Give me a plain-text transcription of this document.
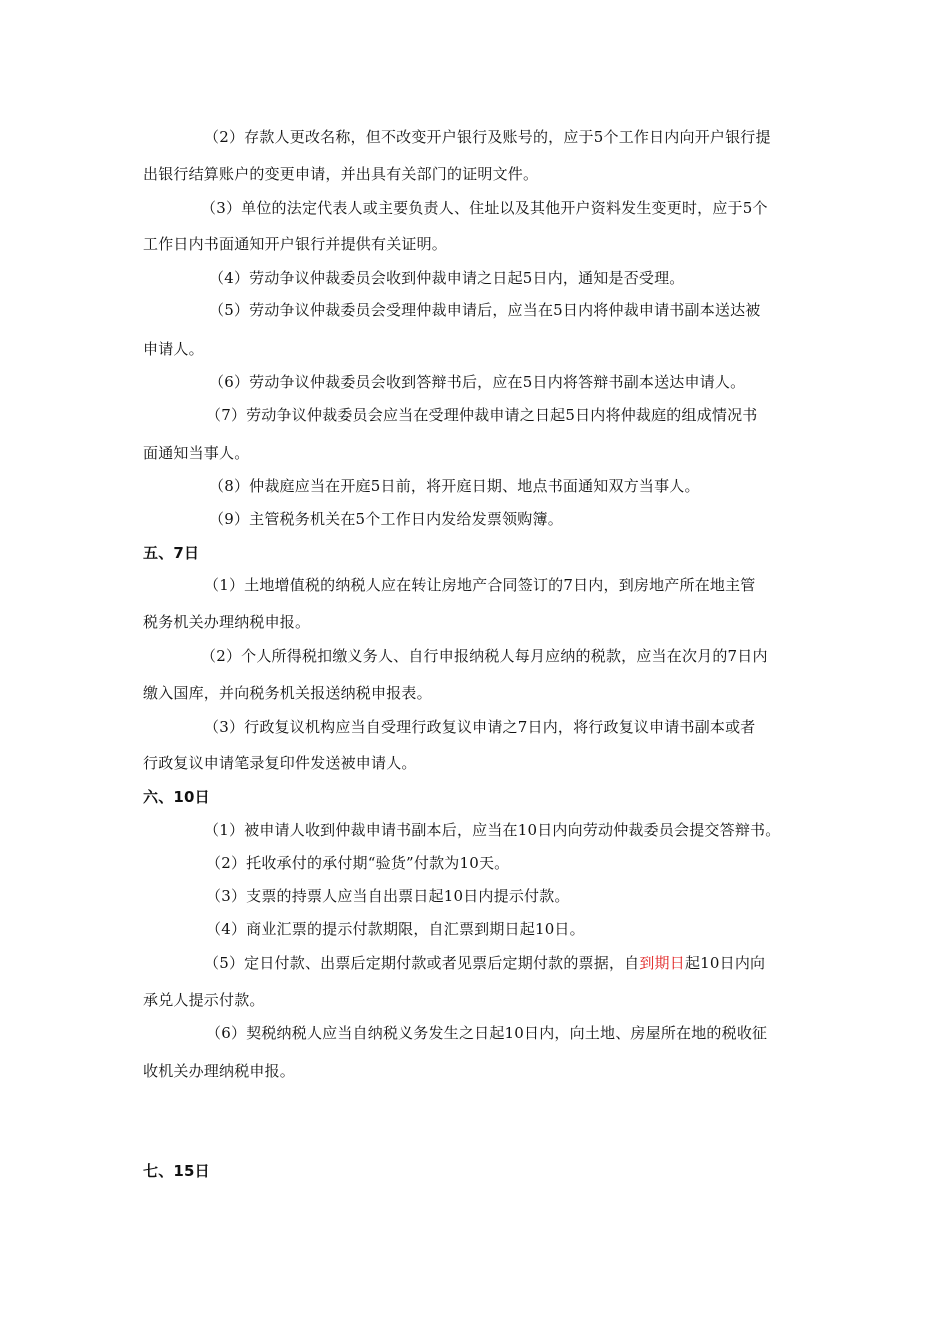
（2）存款人更改名称，但不改变开户银行及账号的，应于5个工作日内向开户银行提
出银行结算账户的变更申请，并出具有关部门的证明文件。
（3）单位的法定代表人或主要负责人、住址以及其他开户资料发生变更时，应于5个
工作日内书面通知开户银行并提供有关证明。
（4）劳动争议仲裁委员会收到仲裁申请之日起5日内，通知是否受理。
（5）劳动争议仲裁委员会受理仲裁申请后，应当在5日内将仲裁申请书副本送达被
申请人。
（6）劳动争议仲裁委员会收到答辩书后，应在5日内将答辩书副本送达申请人。
（7）劳动争议仲裁委员会应当在受理仲裁申请之日起5日内将仲裁庭的组成情况书
面通知当事人。
（8）仲裁庭应当在开庭5日前，将开庭日期、地点书面通知双方当事人。
（9）主管税务机关在5个工作日内发给发票领购簿。
五、7日
（1）土地增值税的纳税人应在转让房地产合同签订的7日内，到房地产所在地主管
税务机关办理纳税申报。
（2）个人所得税扣缴义务人、自行申报纳税人每月应纳的税款，应当在次月的7日内
缴入国库，并向税务机关报送纳税申报表。
（3）行政复议机构应当自受理行政复议申请之7日内，将行政复议申请书副本或者
行政复议申请笔录复印件发送被申请人。
六、10日
（1）被申请人收到仲裁申请书副本后，应当在10日内向劳动仲裁委员会提交答辩书。
（2）托收承付的承付期“验货”付款为10天。
（3）支票的持票人应当自出票日起10日内提示付款。
（4）商业汇票的提示付款期限，自汇票到期日起10日。
（5）定日付款、出票后定期付款或者见票后定期付款的票据，自到期日起10日内向
承兑人提示付款。
（6）契税纳税人应当自纳税义务发生之日起10日内，向土地、房屋所在地的税收征
收机关办理纳税申报。
七、15日
